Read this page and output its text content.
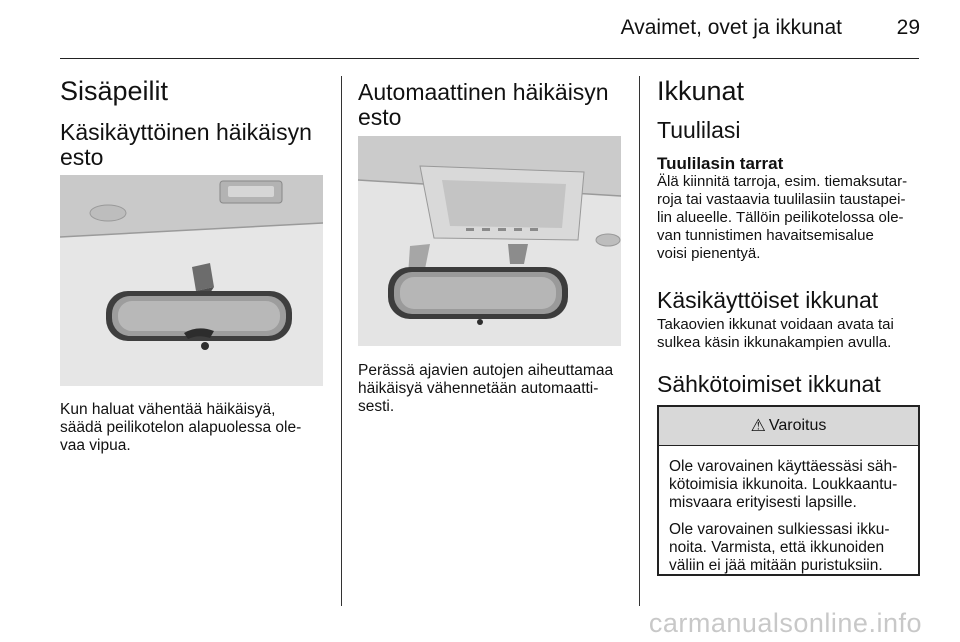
Avaimet, ovet ja ikkunat	29
Sisäpeilit
Käsikäyttöinen häikäisyn
esto
Kun haluat vähentää häikäisyä,
säädä peilikotelon alapuolessa ole-
vaa vipua.
Automaattinen häikäisyn
esto
Perässä ajavien autojen aiheuttamaa
häikäisyä vähennetään automaatti-
sesti.
Ikkunat
Tuulilasi
Tuulilasin tarrat
Älä kiinnitä tarroja, esim. tiemaksutar-
roja tai vastaavia tuulilasiin taustapei-
lin alueelle. Tällöin peilikotelossa ole-
van tunnistimen havaitsemisalue
voisi pienentyä.
Käsikäyttöiset ikkunat
Takaovien ikkunat voidaan avata tai
sulkea käsin ikkunakampien avulla.
Sähkötoimiset ikkunat
⚠ Varoitus

Ole varovainen käyttäessäsi säh-
kötoimisia ikkunoita. Loukkaantu-
misvaara erityisesti lapsille.

Ole varovainen sulkiessasi ikku-
noita. Varmista, että ikkunoiden
väliin ei jää mitään puristuksiin.

carmanualsonline.info
